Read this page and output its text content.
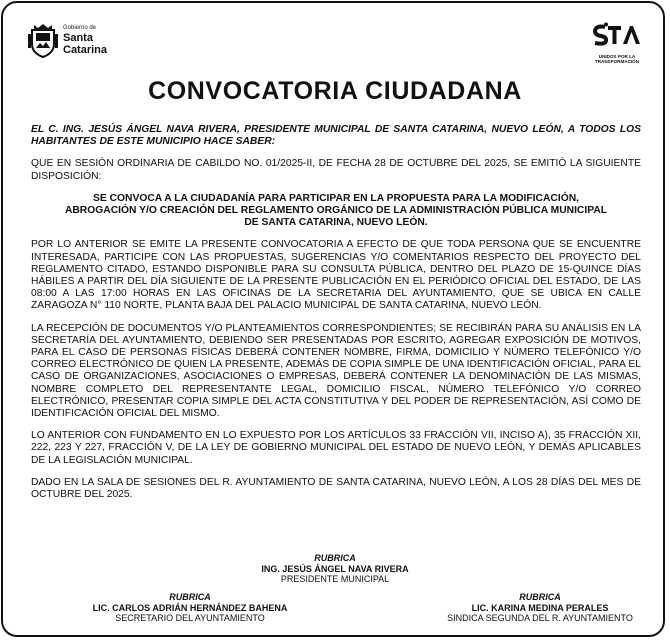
Gobierno de
Santa
Catarina
UNIDOS POR LA TRANSFORMACIÓN
CONVOCATORIA CIUDADANA

EL C. ING. JESÚS ÁNGEL NAVA RIVERA, PRESIDENTE MUNICIPAL DE SANTA CATARINA, NUEVO LEÓN, A TODOS LOS HABITANTES DE ESTE MUNICIPIO HACE SABER:

QUE EN SESIÓN ORDINARIA DE CABILDO NO. 01/2025-II, DE FECHA 28 DE OCTUBRE DEL 2025, SE EMITIÓ LA SIGUIENTE DISPOSICIÓN:

SE CONVOCA A LA CIUDADANÍA PARA PARTICIPAR EN LA PROPUESTA PARA LA MODIFICACIÓN, ABROGACIÓN Y/O CREACIÓN DEL REGLAMENTO ORGÁNICO DE LA ADMINISTRACIÓN PÚBLICA MUNICIPAL DE SANTA CATARINA, NUEVO LEÓN.

POR LO ANTERIOR SE EMITE LA PRESENTE CONVOCATORIA A EFECTO DE QUE TODA PERSONA QUE SE ENCUENTRE INTERESADA, PARTICIPE CON LAS PROPUESTAS, SUGERENCIAS Y/O COMENTARIOS RESPECTO DEL PROYECTO DEL REGLAMENTO CITADO, ESTANDO DISPONIBLE PARA SU CONSULTA PÚBLICA, DENTRO DEL PLAZO DE 15-QUINCE DÍAS HÁBILES A PARTIR DEL DÍA SIGUIENTE DE LA PRESENTE PUBLICACIÓN EN EL PERIÓDICO OFICIAL DEL ESTADO, DE LAS 08:00 A LAS 17:00 HORAS EN LAS OFICINAS DE LA SECRETARIA DEL AYUNTAMIENTO, QUE SE UBICA EN CALLE ZARAGOZA N° 110 NORTE, PLANTA BAJA DEL PALACIO MUNICIPAL DE SANTA CATARINA, NUEVO LEÓN.

LA RECEPCIÓN DE DOCUMENTOS Y/O PLANTEAMIENTOS CORRESPONDIENTES; SE RECIBIRÁN PARA SU ANÁLISIS EN LA SECRETARÍA DEL AYUNTAMIENTO, DEBIENDO SER PRESENTADAS POR ESCRITO, AGREGAR EXPOSICIÓN DE MOTIVOS, PARA EL CASO DE PERSONAS FÍSICAS DEBERÁ CONTENER NOMBRE, FIRMA, DOMICILIO Y NÚMERO TELEFÓNICO Y/O CORREO ELECTRÓNICO DE QUIEN LA PRESENTE, ADEMÁS DE COPIA SIMPLE DE UNA IDENTIFICACIÓN OFICIAL, PARA EL CASO DE ORGANIZACIONES, ASOCIACIONES O EMPRESAS, DEBERÁ CONTENER LA DENOMINACIÓN DE LAS MISMAS, NOMBRE COMPLETO DEL REPRESENTANTE LEGAL, DOMICILIO FISCAL, NÚMERO TELEFÓNICO Y/O CORREO ELECTRÓNICO, PRESENTAR COPIA SIMPLE DEL ACTA CONSTITUTIVA Y DEL PODER DE REPRESENTACIÓN, ASÍ COMO DE IDENTIFICACIÓN OFICIAL DEL MISMO.

LO ANTERIOR CON FUNDAMENTO EN LO EXPUESTO POR LOS ARTÍCULOS 33 FRACCIÓN VII, INCISO A), 35 FRACCIÓN XII, 222, 223 Y 227, FRACCIÓN V, DE LA LEY DE GOBIERNO MUNICIPAL DEL ESTADO DE NUEVO LEÓN, Y DEMÁS APLICABLES DE LA LEGISLACIÓN MUNICIPAL.

DADO EN LA SALA DE SESIONES DEL R. AYUNTAMIENTO DE SANTA CATARINA, NUEVO LEÓN, A LOS 28 DÍAS DEL MES DE OCTUBRE DEL 2025.

RUBRICA
ING. JESÚS ÁNGEL NAVA RIVERA
PRESIDENTE MUNICIPAL
RUBRICA
LIC. CARLOS ADRIÁN HERNÁNDEZ BAHENA
SECRETARIO DEL AYUNTAMIENTO
RUBRICA
LIC. KARINA MEDINA PERALES
SINDICA SEGUNDA DEL R. AYUNTAMIENTO
